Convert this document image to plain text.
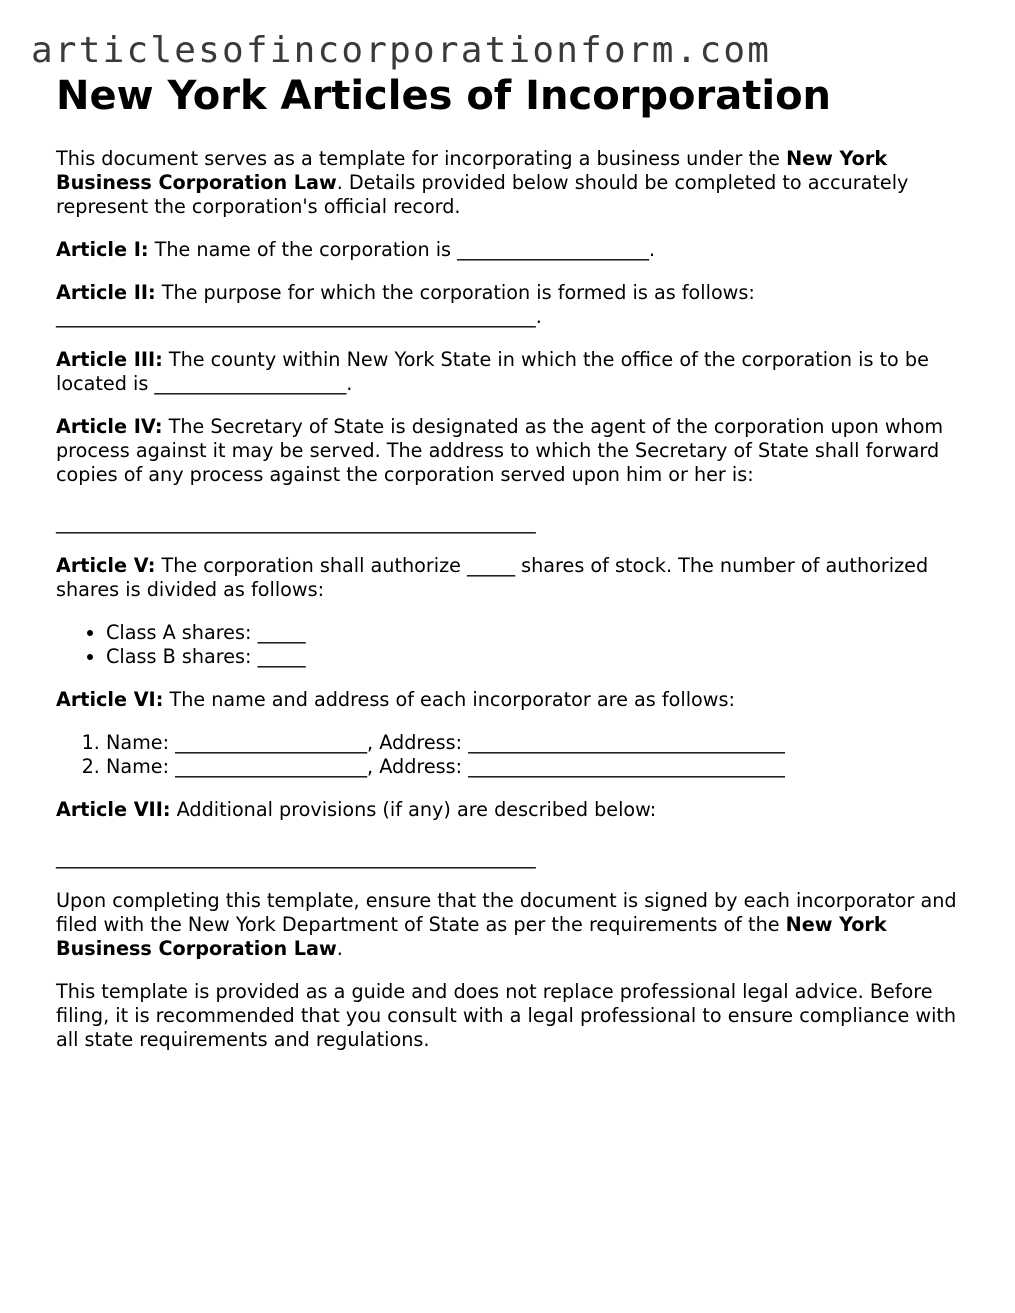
articlesofincorporationform.com
New York Articles of Incorporation

This document serves as a template for incorporating a business under the New York Business Corporation Law. Details provided below should be completed to accurately represent the corporation's official record.

Article I: The name of the corporation is ____________________.

Article II: The purpose for which the corporation is formed is as follows: __________________________________________________.

Article III: The county within New York State in which the office of the corporation is to be located is ____________________.

Article IV: The Secretary of State is designated as the agent of the corporation upon whom process against it may be served. The address to which the Secretary of State shall forward copies of any process against the corporation served upon him or her is:

__________________________________________________

Article V: The corporation shall authorize _____ shares of stock. The number of authorized shares is divided as follows:

• Class A shares: _____
• Class B shares: _____

Article VI: The name and address of each incorporator are as follows:

1. Name: ____________________, Address: _________________________________
2. Name: ____________________, Address: _________________________________

Article VII: Additional provisions (if any) are described below:

__________________________________________________

Upon completing this template, ensure that the document is signed by each incorporator and filed with the New York Department of State as per the requirements of the New York Business Corporation Law.

This template is provided as a guide and does not replace professional legal advice. Before filing, it is recommended that you consult with a legal professional to ensure compliance with all state requirements and regulations.
